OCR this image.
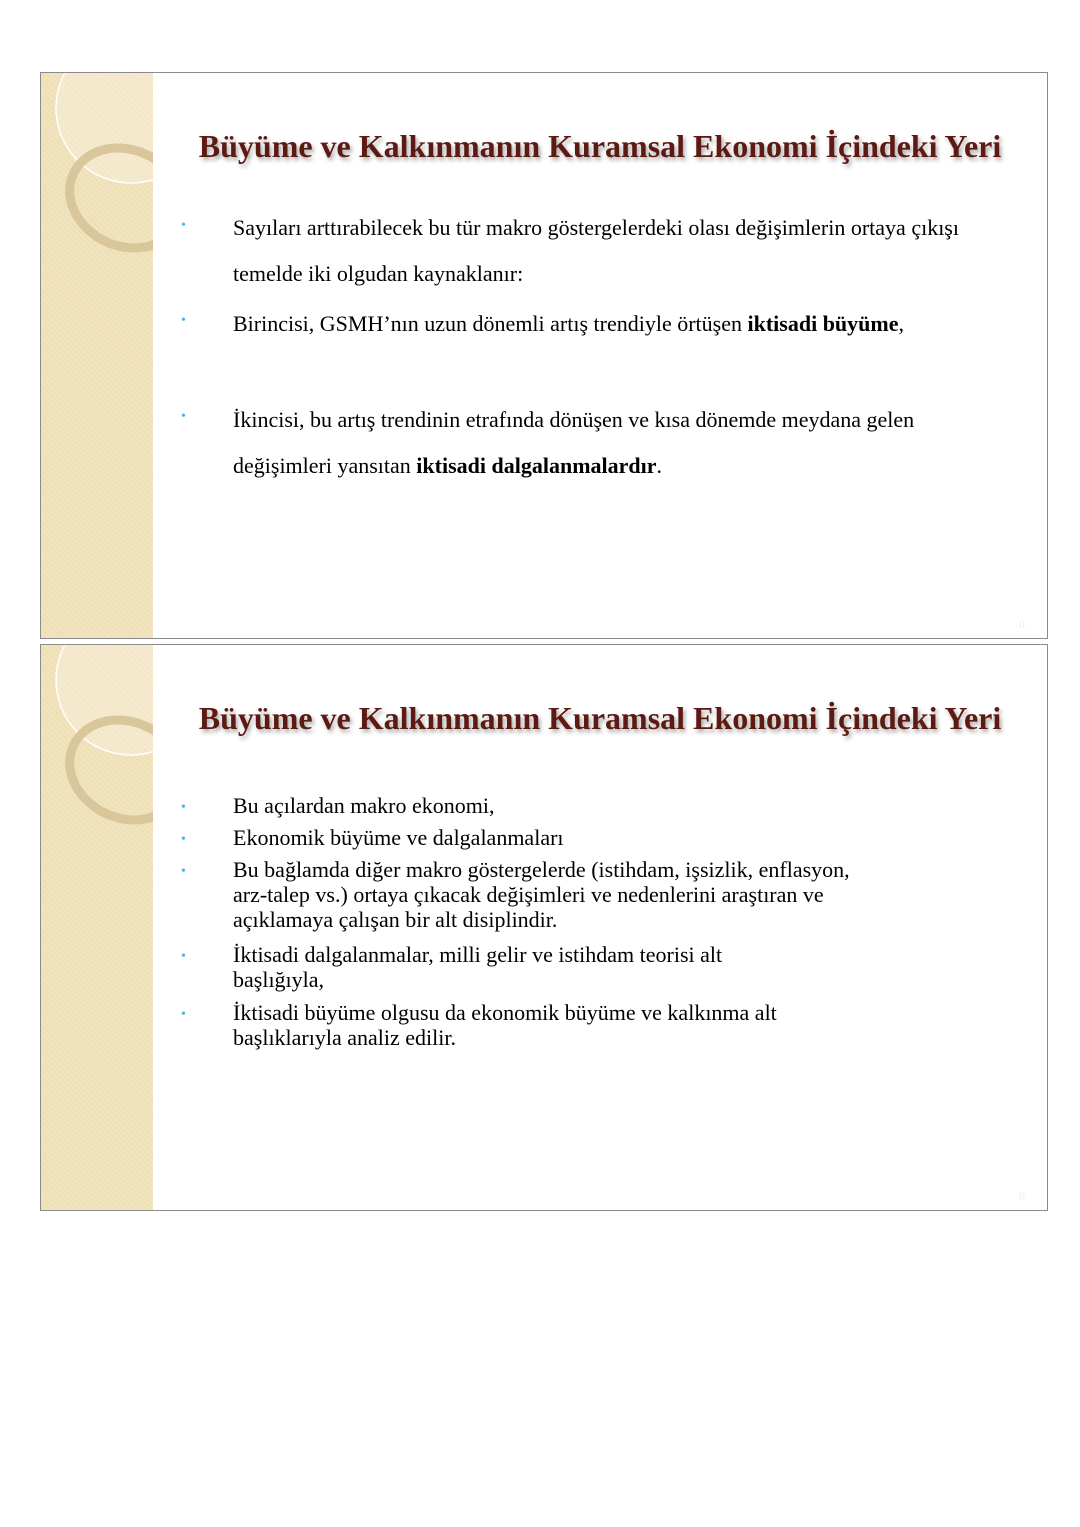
Büyüme ve Kalkınmanın Kuramsal Ekonomi İçindeki Yeri
• Sayıları arttırabilecek bu tür makro göstergelerdeki olası değişimlerin ortaya çıkışı temelde iki olgudan kaynaklanır:
• Birincisi, GSMH’nın uzun dönemli artış trendiyle örtüşen iktisadi büyüme,
• İkincisi, bu artış trendinin etrafında dönüşen ve kısa dönemde meydana gelen değişimleri yansıtan iktisadi dalgalanmalardır.
0
Büyüme ve Kalkınmanın Kuramsal Ekonomi İçindeki Yeri
• Bu açılardan makro ekonomi,
• Ekonomik büyüme ve dalgalanmaları
• Bu bağlamda diğer makro göstergelerde (istihdam, işsizlik, enflasyon, arz-talep vs.) ortaya çıkacak değişimleri ve nedenlerini araştıran ve açıklamaya çalışan bir alt disiplindir.
• İktisadi dalgalanmalar, milli gelir ve istihdam teorisi alt başlığıyla,
• İktisadi büyüme olgusu da ekonomik büyüme ve kalkınma alt başlıklarıyla analiz edilir.
0
